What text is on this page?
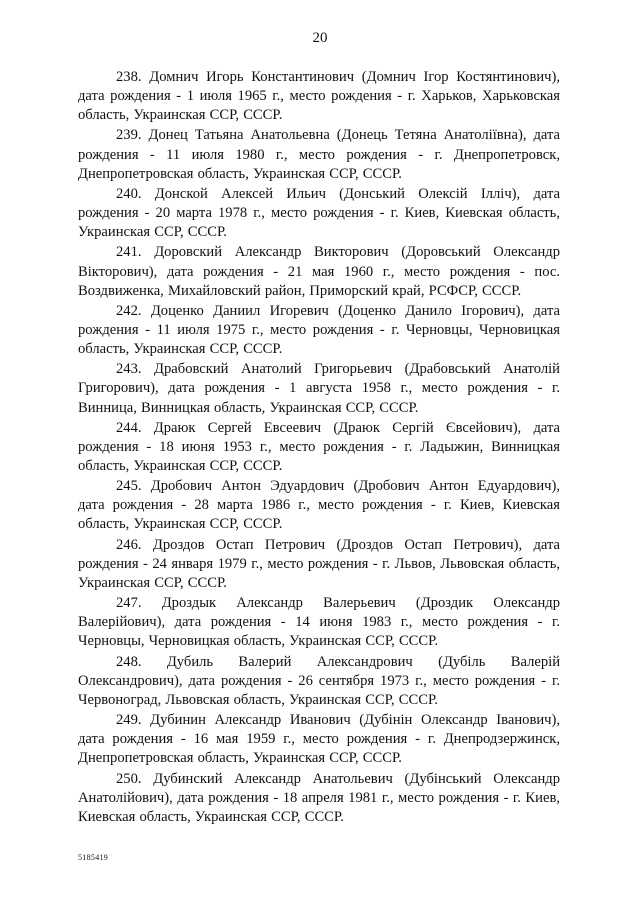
20

238. Домнич Игорь Константинович (Домнич Ігор Костянтинович), дата рождения - 1 июля 1965 г., место рождения - г. Харьков, Харьковская область, Украинская ССР, СССР.

239. Донец Татьяна Анатольевна (Донець Тетяна Анатоліївна), дата рождения - 11 июля 1980 г., место рождения - г. Днепропетровск, Днепропетровская область, Украинская ССР, СССР.

240. Донской Алексей Ильич (Донський Олексій Ілліч), дата рождения - 20 марта 1978 г., место рождения - г. Киев, Киевская область, Украинская ССР, СССР.

241. Доровский Александр Викторович (Доровський Олександр Вікторович), дата рождения - 21 мая 1960 г., место рождения - пос. Воздвиженка, Михайловский район, Приморский край, РСФСР, СССР.

242. Доценко Даниил Игоревич (Доценко Данило Ігорович), дата рождения - 11 июля 1975 г., место рождения - г. Черновцы, Черновицкая область, Украинская ССР, СССР.

243. Драбовский Анатолий Григорьевич (Драбовський Анатолій Григорович), дата рождения - 1 августа 1958 г., место рождения - г. Винница, Винницкая область, Украинская ССР, СССР.

244. Драюк Сергей Евсеевич (Драюк Сергій Євсейович), дата рождения - 18 июня 1953 г., место рождения - г. Ладыжин, Винницкая область, Украинская ССР, СССР.

245. Дробович Антон Эдуардович (Дробович Антон Едуардович), дата рождения - 28 марта 1986 г., место рождения - г. Киев, Киевская область, Украинская ССР, СССР.

246. Дроздов Остап Петрович (Дроздов Остап Петрович), дата рождения - 24 января 1979 г., место рождения - г. Львов, Львовская область, Украинская ССР, СССР.

247. Дроздык Александр Валерьевич (Дроздик Олександр Валерійович), дата рождения - 14 июня 1983 г., место рождения - г. Черновцы, Черновицкая область, Украинская ССР, СССР.

248. Дубиль Валерий Александрович (Дубіль Валерій Олександрович), дата рождения - 26 сентября 1973 г., место рождения - г. Червоноград, Львовская область, Украинская ССР, СССР.

249. Дубинин Александр Иванович (Дубінін Олександр Іванович), дата рождения - 16 мая 1959 г., место рождения - г. Днепродзержинск, Днепропетровская область, Украинская ССР, СССР.

250. Дубинский Александр Анатольевич (Дубінський Олександр Анатолійович), дата рождения - 18 апреля 1981 г., место рождения - г. Киев, Киевская область, Украинская ССР, СССР.

5185419
